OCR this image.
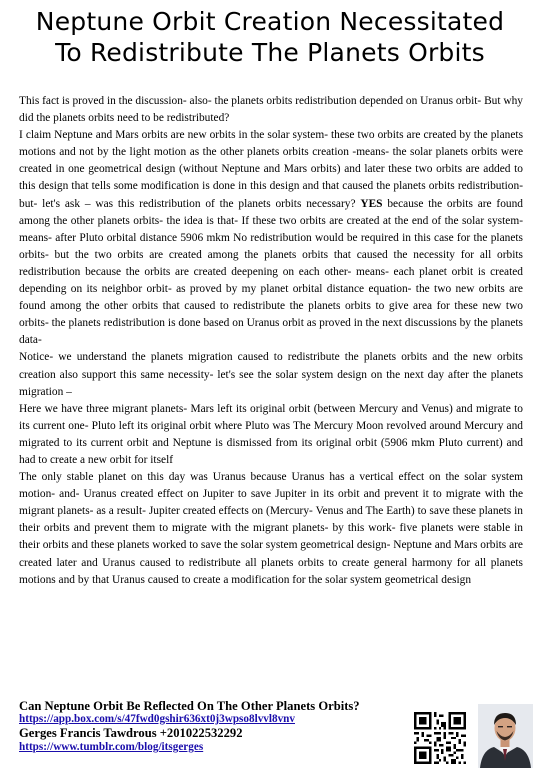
Neptune Orbit Creation Necessitated
To Redistribute The Planets Orbits

This fact is proved in the discussion- also- the planets orbits redistribution depended on Uranus orbit- But why did the planets orbits need to be redistributed?

I claim Neptune and Mars orbits are new orbits in the solar system- these two orbits are created by the planets motions and not by the light motion as the other planets orbits creation -means- the solar planets orbits were created in one geometrical design (without Neptune and Mars orbits) and later these two orbits are added to this design that tells some modification is done in this design and that caused the planets orbits redistribution- but- let's ask – was this redistribution of the planets orbits necessary? YES because the orbits are found among the other planets orbits- the idea is that- If these two orbits are created at the end of the solar system- means- after Pluto orbital distance 5906 mkm No redistribution would be required in this case for the planets orbits- but the two orbits are created among the planets orbits that caused the necessity for all orbits redistribution because the orbits are created deepening on each other- means- each planet orbit is created depending on its neighbor orbit- as proved by my planet orbital distance equation- the two new orbits are found among the other orbits that caused to redistribute the planets orbits to give area for these new two orbits- the planets redistribution is done based on Uranus orbit as proved in the next discussions by the planets data-

Notice- we understand the planets migration caused to redistribute the planets orbits and the new orbits creation also support this same necessity- let's see the solar system design on the next day after the planets migration –

Here we have three migrant planets- Mars left its original orbit (between Mercury and Venus) and migrate to its current one- Pluto left its original orbit where Pluto was The Mercury Moon revolved around Mercury and migrated to its current orbit and Neptune is dismissed from its original orbit (5906 mkm Pluto current) and had to create a new orbit for itself

The only stable planet on this day was Uranus because Uranus has a vertical effect on the solar system motion- and- Uranus created effect on Jupiter to save Jupiter in its orbit and prevent it to migrate with the migrant planets- as a result- Jupiter created effects on (Mercury- Venus and The Earth) to save these planets in their orbits and prevent them to migrate with the migrant planets- by this work- five planets were stable in their orbits and these planets worked to save the solar system geometrical design- Neptune and Mars orbits are created later and Uranus caused to redistribute all planets orbits to create general harmony for all planets motions and by that Uranus caused to create a modification for the solar system geometrical design

Can Neptune Orbit Be Reflected On The Other Planets Orbits?
https://app.box.com/s/47fwd0gshir636xt0j3wpso8lvvl8vnv
Gerges Francis Tawdrous +201022532292
https://www.tumblr.com/blog/itsgerges
